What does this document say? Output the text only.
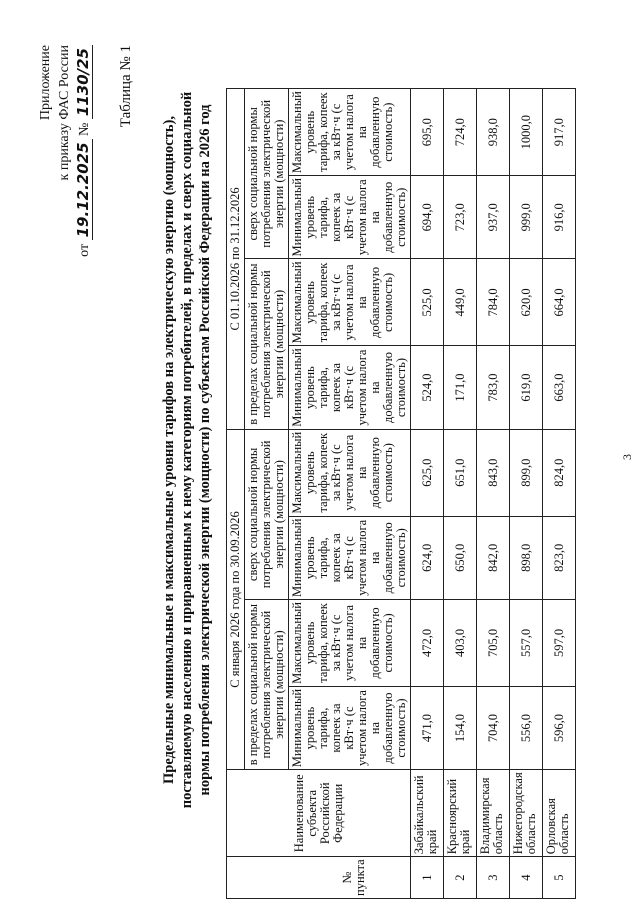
3
Приложение к приказу ФАС России
от 19.12.2025 № 1130/25 Таблица № 1
Предельные минимальные и максимальные уровни тарифов на электрическую энергию (мощность), поставляемую населению и приравненным к нему категориям потребителей, в пределах и сверх социальной нормы потребления электрической энергии (мощности) по субъектам Российской Федерации на 2026 год
№ пункта	Наименование субъекта Российской Федерации	С января 2026 года по 30.09.2026				С 01.10.2026 по 31.12.2026			
		в пределах социальной нормы потребления электрической энергии (мощности)		сверх социальной нормы потребления электрической энергии (мощности)		в пределах социальной нормы потребления электрической энергии (мощности)		сверх социальной нормы потребления электрической энергии (мощности)	
		Минимальный уровень тарифа, копеек за кВт·ч (с учетом налога на добавленную стоимость)	Максимальный уровень тарифа, копеек за кВт·ч (с учетом налога на добавленную стоимость)	Минимальный уровень тарифа, копеек за кВт·ч (с учетом налога на добавленную стоимость)	Максимальный уровень тарифа, копеек за кВт·ч (с учетом налога на добавленную стоимость)	Минимальный уровень тарифа, копеек за кВт·ч (с учетом налога на добавленную стоимость)	Максимальный уровень тарифа, копеек за кВт·ч (с учетом налога на добавленную стоимость)	Минимальный уровень тарифа, копеек за кВт·ч (с учетом налога на добавленную стоимость)	Максимальный уровень тарифа, копеек за кВт·ч (с учетом налога на добавленную стоимость)
1	Забайкальский край	471,0	472,0	624,0	625,0	524,0	525,0	694,0	695,0
2	Красноярский край	154,0	403,0	650,0	651,0	171,0	449,0	723,0	724,0
3	Владимирская область	704,0	705,0	842,0	843,0	783,0	784,0	937,0	938,0
4	Нижегородская область	556,0	557,0	898,0	899,0	619,0	620,0	999,0	1000,0
5	Орловская область	596,0	597,0	823,0	824,0	663,0	664,0	916,0	917,0
